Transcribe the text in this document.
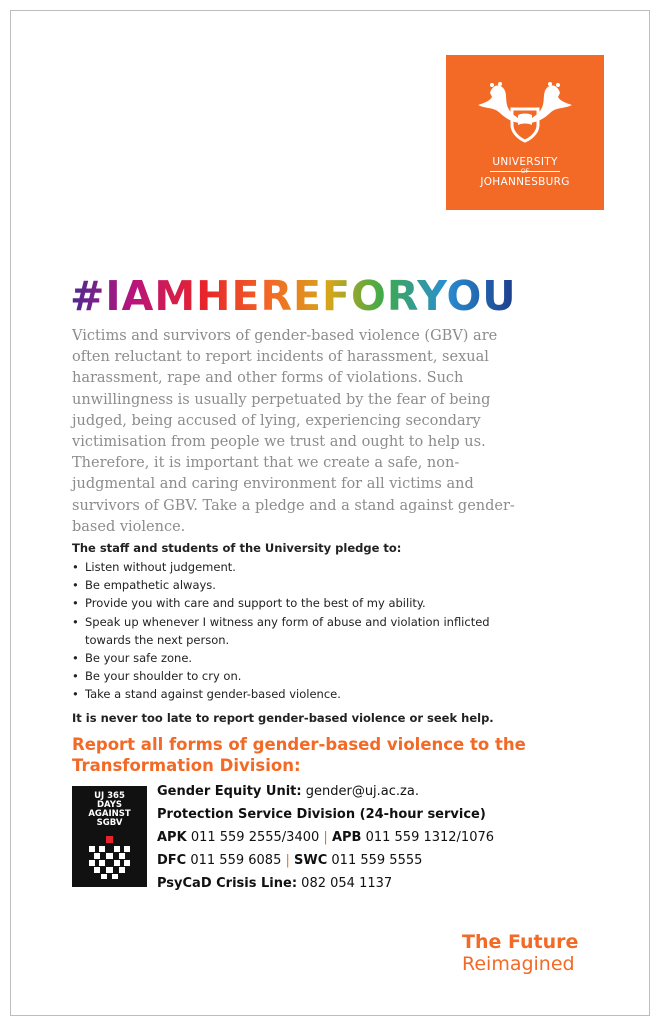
UNIVERSITY
OF
JOHANNESBURG
#IAMHEREFORYOU

Victims and survivors of gender-based violence (GBV) are often reluctant to report incidents of harassment, sexual harassment, rape and other forms of violations. Such unwillingness is usually perpetuated by the fear of being judged, being accused of lying, experiencing secondary victimisation from people we trust and ought to help us. Therefore, it is important that we create a safe, non-judgmental and caring environment for all victims and survivors of GBV. Take a pledge and a stand against gender-based violence.

The staff and students of the University pledge to:
• Listen without judgement.
• Be empathetic always.
• Provide you with care and support to the best of my ability.
• Speak up whenever I witness any form of abuse and violation inflicted towards the next person.
• Be your safe zone.
• Be your shoulder to cry on.
• Take a stand against gender-based violence.
It is never too late to report gender-based violence or seek help.

Report all forms of gender-based violence to the Transformation Division:

UJ 365
DAYS
AGAINST
SGBV
Gender Equity Unit: gender@uj.ac.za.
Protection Service Division (24-hour service)
APK 011 559 2555/3400 | APB 011 559 1312/1076
DFC 011 559 6085 | SWC 011 559 5555
PsyCaD Crisis Line: 082 054 1137
The Future
Reimagined
